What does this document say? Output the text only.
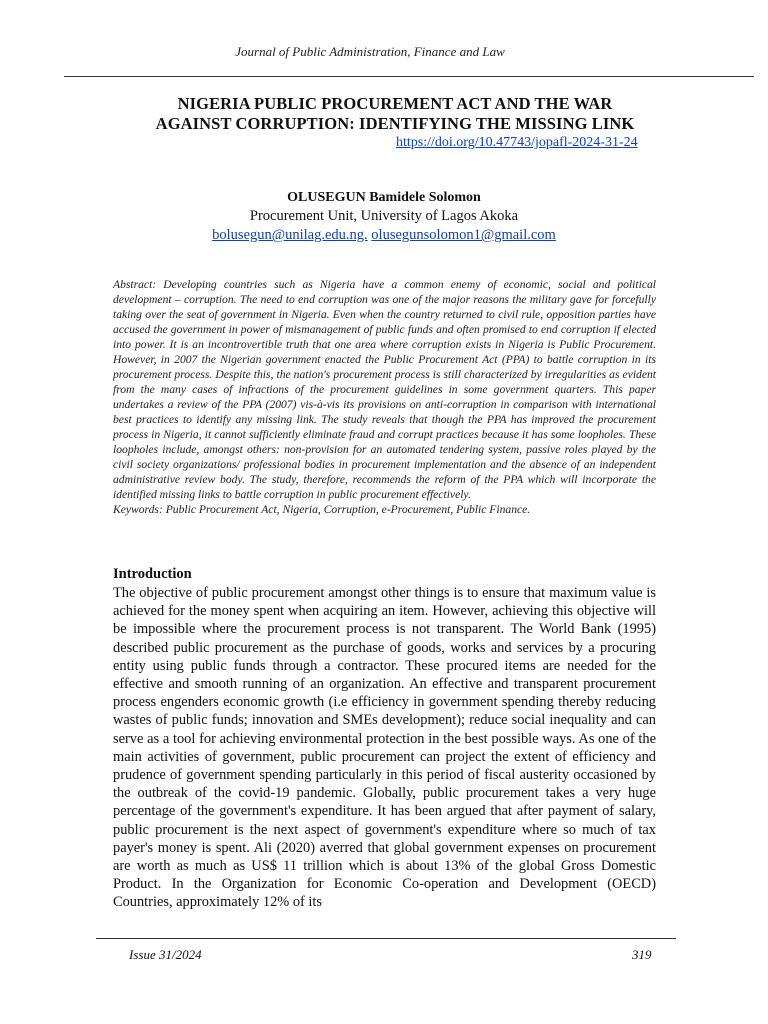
Journal of Public Administration, Finance and Law
NIGERIA PUBLIC PROCUREMENT ACT AND THE WAR
AGAINST CORRUPTION: IDENTIFYING THE MISSING LINK
https://doi.org/10.47743/jopafl-2024-31-24
OLUSEGUN Bamidele Solomon
Procurement Unit, University of Lagos Akoka
bolusegun@unilag.edu.ng. olusegunsolomon1@gmail.com

Abstract: Developing countries such as Nigeria have a common enemy of economic, social and political development – corruption. The need to end corruption was one of the major reasons the military gave for forcefully taking over the seat of government in Nigeria. Even when the country returned to civil rule, opposition parties have accused the government in power of mismanagement of public funds and often promised to end corruption if elected into power. It is an incontrovertible truth that one area where corruption exists in Nigeria is Public Procurement. However, in 2007 the Nigerian government enacted the Public Procurement Act (PPA) to battle corruption in its procurement process. Despite this, the nation's procurement process is still characterized by irregularities as evident from the many cases of infractions of the procurement guidelines in some government quarters. This paper undertakes a review of the PPA (2007) vis-à-vis its provisions on anti-corruption in comparison with international best practices to identify any missing link. The study reveals that though the PPA has improved the procurement process in Nigeria, it cannot sufficiently eliminate fraud and corrupt practices because it has some loopholes. These loopholes include, amongst others: non-provision for an automated tendering system, passive roles played by the civil society organizations/ professional bodies in procurement implementation and the absence of an independent administrative review body. The study, therefore, recommends the reform of the PPA which will incorporate the identified missing links to battle corruption in public procurement effectively.

Keywords: Public Procurement Act, Nigeria, Corruption, e-Procurement, Public Finance.

Introduction

The objective of public procurement amongst other things is to ensure that maximum value is achieved for the money spent when acquiring an item. However, achieving this objective will be impossible where the procurement process is not transparent. The World Bank (1995) described public procurement as the purchase of goods, works and services by a procuring entity using public funds through a contractor. These procured items are needed for the effective and smooth running of an organization. An effective and transparent procurement process engenders economic growth (i.e efficiency in government spending thereby reducing wastes of public funds; innovation and SMEs development); reduce social inequality and can serve as a tool for achieving environmental protection in the best possible ways. As one of the main activities of government, public procurement can project the extent of efficiency and prudence of government spending particularly in this period of fiscal austerity occasioned by the outbreak of the covid-19 pandemic. Globally, public procurement takes a very huge percentage of the government's expenditure. It has been argued that after payment of salary, public procurement is the next aspect of government's expenditure where so much of tax payer's money is spent. Ali (2020) averred that global government expenses on procurement are worth as much as US$ 11 trillion which is about 13% of the global Gross Domestic Product. In the Organization for Economic Co-operation and Development (OECD) Countries, approximately 12% of its

Issue 31/2024	319
